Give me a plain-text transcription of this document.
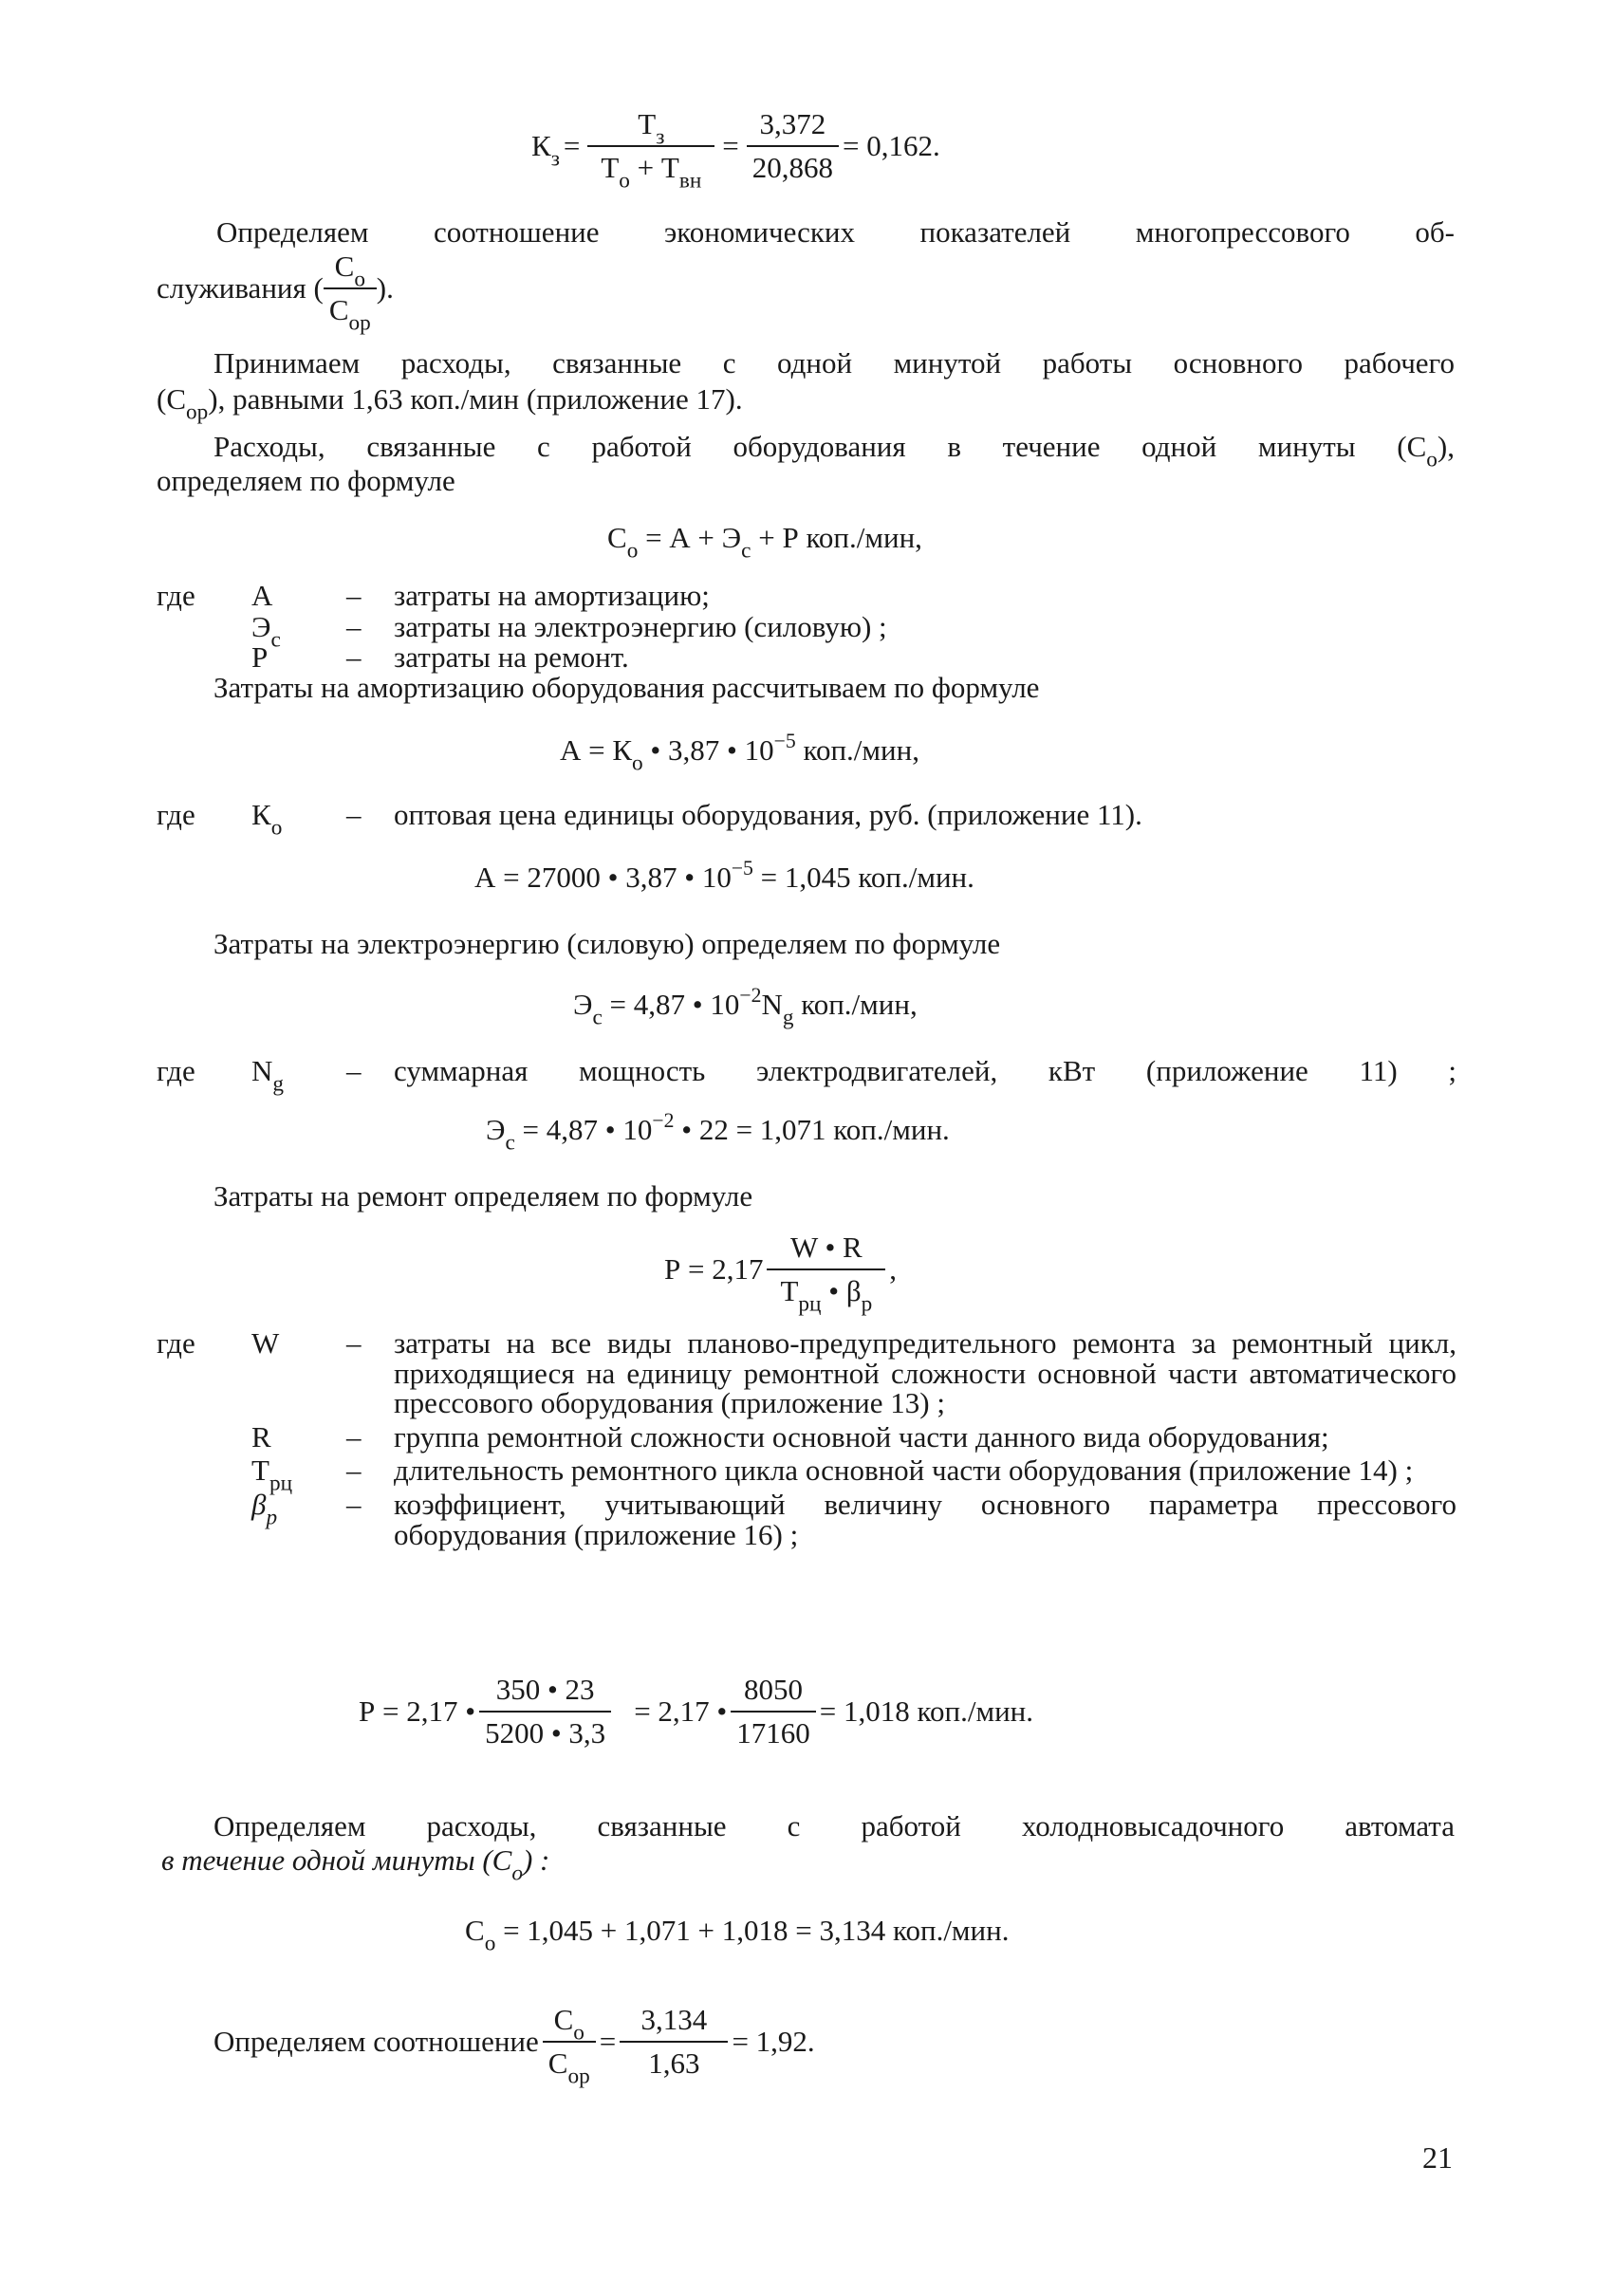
$К_з = \frac{Т_з}{Т_о + Т_{вн}} = \frac{3,372}{20,868} = 0,162$.
Определяем соотношение экономических показателей многопрессового об-
служивания ( $\frac{С_о}{С_{ор}}$ ).
Принимаем расходы, связанные с одной минутой работы основного рабочего
$(С_{ор})$, равными 1,63 коп./мин (приложение 17).
Расходы, связанные с работой оборудования в течение одной минуты $(С_о)$,
определяем по формуле
$С_о = А + Э_с + Р$ коп./мин,
где	А	–	затраты на амортизацию;
$Э_с$	–	затраты на электроэнергию (силовую) ;
Р	–	затраты на ремонт.
Затраты на амортизацию оборудования рассчитываем по формуле
$А = К_о$ • 3,87 • $10^{-5}$ коп./мин,
где	$К_о$	–	оптовая цена единицы оборудования, руб. (приложение 11).
А = 27000 • 3,87 • $10^{-5} = 1,045$ коп./мин.
Затраты на электроэнергию (силовую) определяем по формуле
$Э_с = 4,87$ • $10^{-2}N_g$ коп./мин,
где	$N_g$	–	суммарная мощность электродвигателей, кВт (приложение 11) ;
$Э_с = 4,87$ • $10^{-2}$ • 22 = 1,071 коп./мин.
Затраты на ремонт определяем по формуле
$Р = 2,17 \frac{W • R}{Т_{рц} • \beta_р}$ ,
где	W	–	затраты на все виды планово-предупредительного ремонта за ремонтный цикл, приходящиеся на единицу ремонтной сложности основной части автоматического прессового оборудования (приложение 13) ;
R	–	группа ремонтной сложности основной части данного вида оборудования;
$Т_{рц}$	–	длительность ремонтного цикла основной части оборудования (приложение 14) ;
$\beta_р$	–	коэффициент, учитывающий величину основного параметра прессового оборудования (приложение 16) ;
Р = 2,17 • $\frac{350 • 23}{5200 • 3,3} = 2,17$ • $\frac{8050}{17160} = 1,018$ коп./мин.
Определяем расходы, связанные с работой холодновысадочного автомата
в течение одной минуты $(С_о)$ :
$С_о = 1,045 + 1,071 + 1,018 = 3,134$ коп./мин.
Определяем соотношение $\frac{С_о}{С_{ор}} = \frac{3,134}{1,63} = 1,92$.
21
